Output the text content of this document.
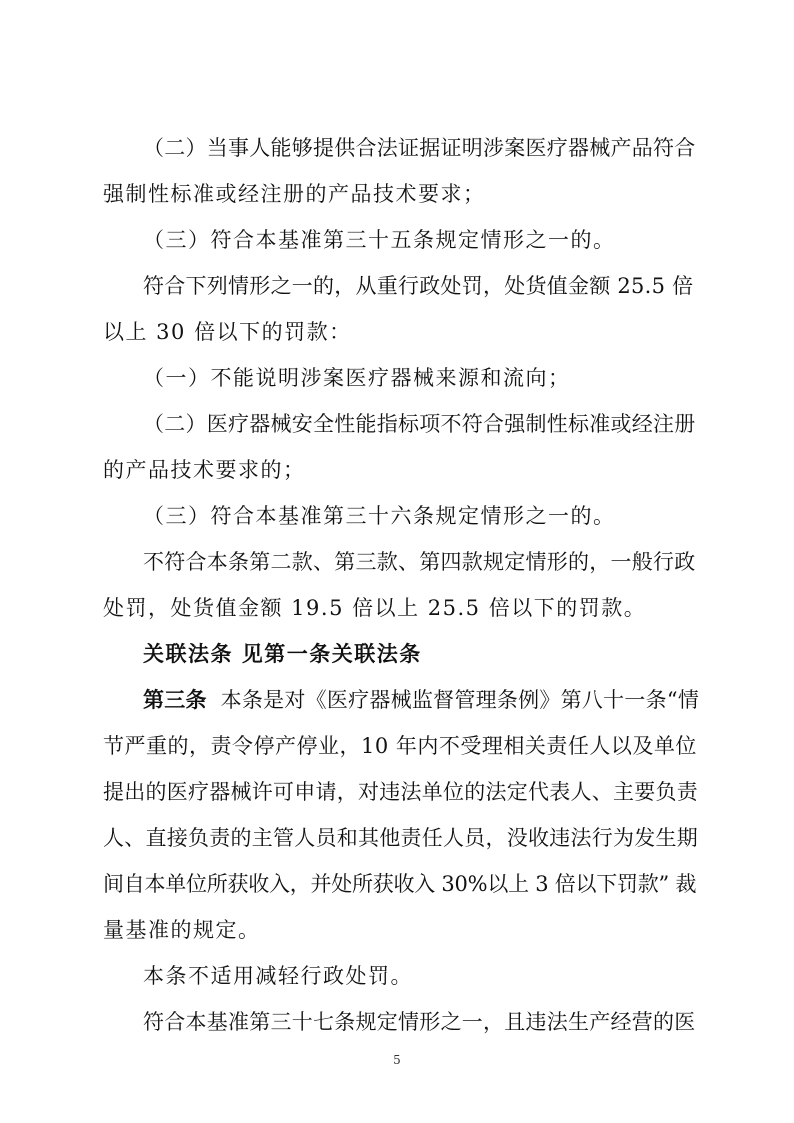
（二）当事人能够提供合法证据证明涉案医疗器械产品符合
强制性标准或经注册的产品技术要求；
（三）符合本基准第三十五条规定情形之一的。
符合下列情形之一的，从重行政处罚，处货值金额 25.5 倍
以上 30 倍以下的罚款：
（一）不能说明涉案医疗器械来源和流向；
（二）医疗器械安全性能指标项不符合强制性标准或经注册
的产品技术要求的；
（三）符合本基准第三十六条规定情形之一的。
不符合本条第二款、第三款、第四款规定情形的，一般行政
处罚，处货值金额 19.5 倍以上 25.5 倍以下的罚款。
关联法条 见第一条关联法条
第三条 本条是对《医疗器械监督管理条例》第八十一条“情
节严重的，责令停产停业，10 年内不受理相关责任人以及单位
提出的医疗器械许可申请，对违法单位的法定代表人、主要负责
人、直接负责的主管人员和其他责任人员，没收违法行为发生期
间自本单位所获收入，并处所获收入 30%以上 3 倍以下罚款” 裁
量基准的规定。
本条不适用减轻行政处罚。
符合本基准第三十七条规定情形之一，且违法生产经营的医
5
